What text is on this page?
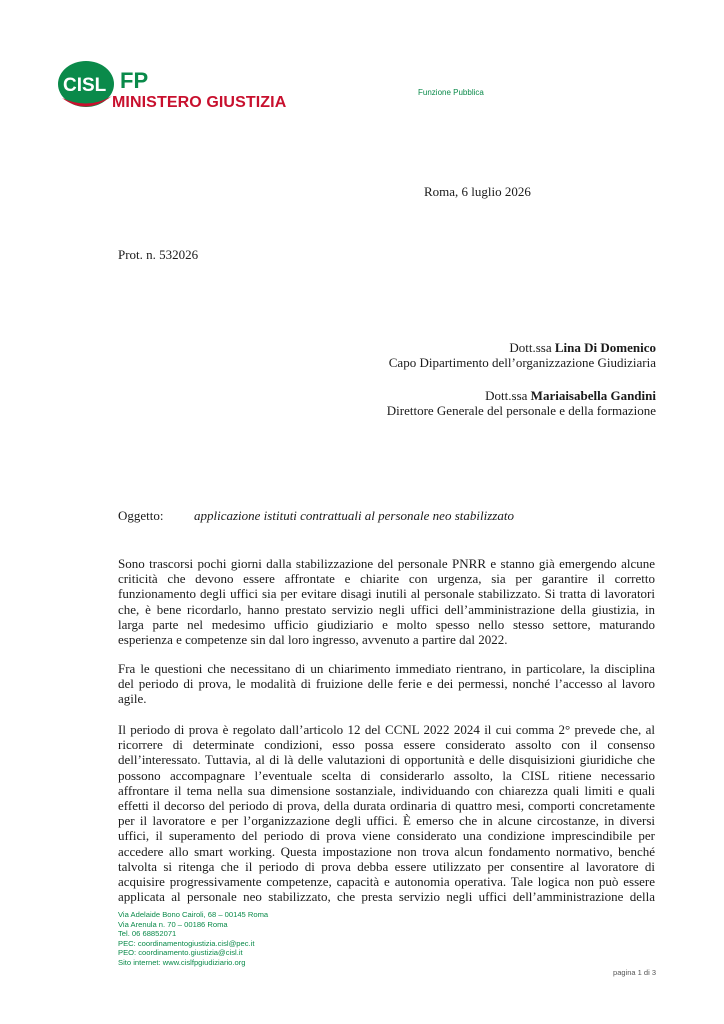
CISL FP
MINISTERO GIUSTIZIA
Funzione Pubblica
Roma, 6 luglio 2026
Prot. n. 532026
Dott.ssa Lina Di Domenico
Capo Dipartimento dell’organizzazione Giudiziaria
Dott.ssa Mariaisabella Gandini
Direttore Generale del personale e della formazione
Oggetto: applicazione istituti contrattuali al personale neo stabilizzato
Sono trascorsi pochi giorni dalla stabilizzazione del personale PNRR e stanno già emergendo alcune
criticità che devono essere affrontate e chiarite con urgenza, sia per garantire il corretto
funzionamento degli uffici sia per evitare disagi inutili al personale stabilizzato. Si tratta di lavoratori
che, è bene ricordarlo, hanno prestato servizio negli uffici dell’amministrazione della giustizia, in
larga parte nel medesimo ufficio giudiziario e molto spesso nello stesso settore, maturando
esperienza e competenze sin dal loro ingresso, avvenuto a partire dal 2022.
Fra le questioni che necessitano di un chiarimento immediato rientrano, in particolare, la disciplina
del periodo di prova, le modalità di fruizione delle ferie e dei permessi, nonché l’accesso al lavoro
agile.
Il periodo di prova è regolato dall’articolo 12 del CCNL 2022 2024 il cui comma 2° prevede che, al
ricorrere di determinate condizioni, esso possa essere considerato assolto con il consenso
dell’interessato. Tuttavia, al di là delle valutazioni di opportunità e delle disquisizioni giuridiche che
possono accompagnare l’eventuale scelta di considerarlo assolto, la CISL ritiene necessario
affrontare il tema nella sua dimensione sostanziale, individuando con chiarezza quali limiti e quali
effetti il decorso del periodo di prova, della durata ordinaria di quattro mesi, comporti concretamente
per il lavoratore e per l’organizzazione degli uffici. È emerso che in alcune circostanze, in diversi
uffici, il superamento del periodo di prova viene considerato una condizione imprescindibile per
accedere allo smart working. Questa impostazione non trova alcun fondamento normativo, benché
talvolta si ritenga che il periodo di prova debba essere utilizzato per consentire al lavoratore di
acquisire progressivamente competenze, capacità e autonomia operativa. Tale logica non può essere
applicata al personale neo stabilizzato, che presta servizio negli uffici dell’amministrazione della
Via Adelaide Bono Cairoli, 68 – 00145 Roma
Via Arenula n. 70 – 00186 Roma
Tel. 06 68852071
PEC: coordinamentogiustizia.cisl@pec.it
PEO: coordinamento.giustizia@cisl.it
Sito internet: www.cislfpgiudiziario.org
pagina 1 di 3
